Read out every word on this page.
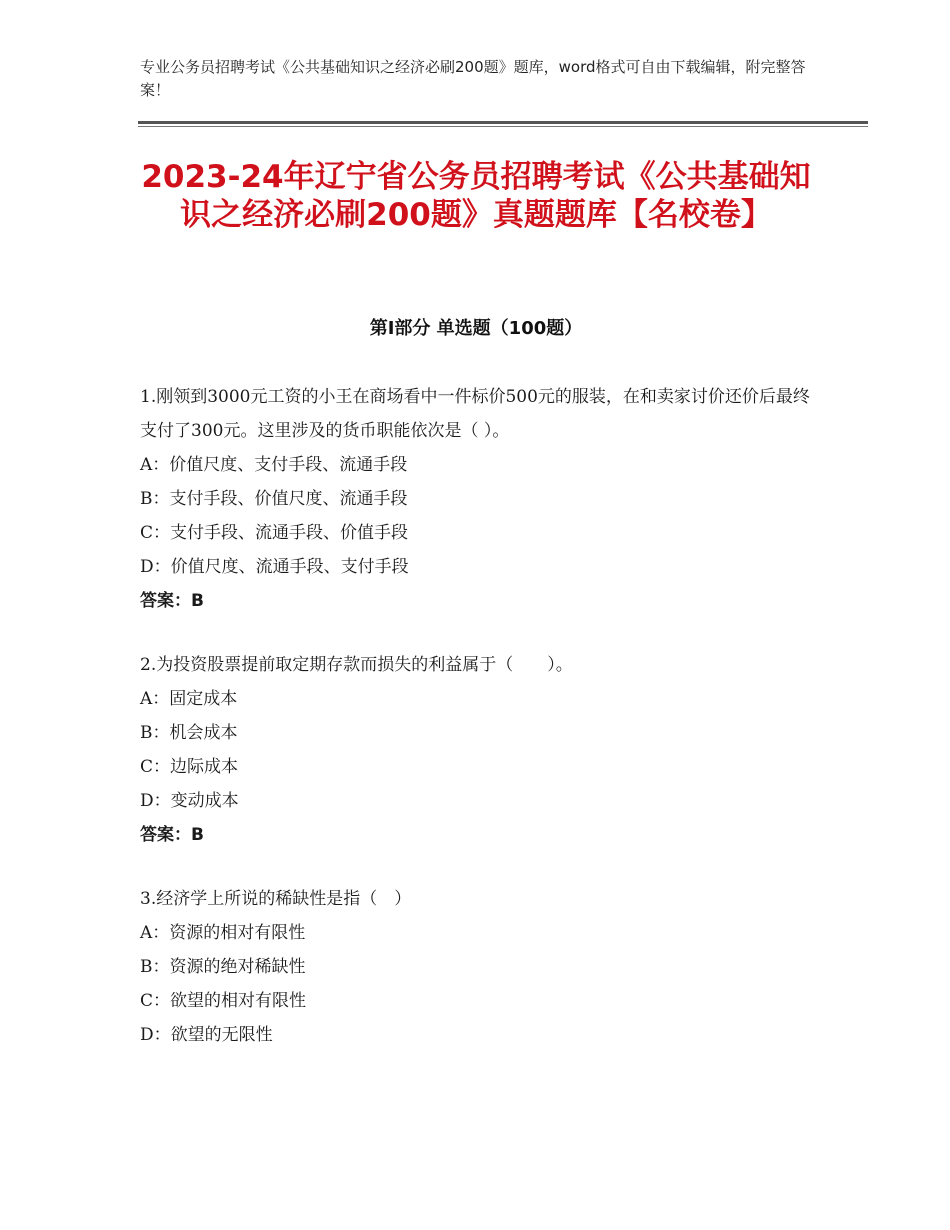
专业公务员招聘考试《公共基础知识之经济必刷200题》题库，word格式可自由下载编辑，附完整答案！
2023-24年辽宁省公务员招聘考试《公共基础知识之经济必刷200题》真题题库【名校卷】
第I部分 单选题（100题）
1.刚领到3000元工资的小王在商场看中一件标价500元的服装，在和卖家讨价还价后最终支付了300元。这里涉及的货币职能依次是（ ）。
A：价值尺度、支付手段、流通手段
B：支付手段、价值尺度、流通手段
C：支付手段、流通手段、价值手段
D：价值尺度、流通手段、支付手段
答案：B
2.为投资股票提前取定期存款而损失的利益属于（　　）。
A：固定成本
B：机会成本
C：边际成本
D：变动成本
答案：B
3.经济学上所说的稀缺性是指（　）
A：资源的相对有限性
B：资源的绝对稀缺性
C：欲望的相对有限性
D：欲望的无限性
